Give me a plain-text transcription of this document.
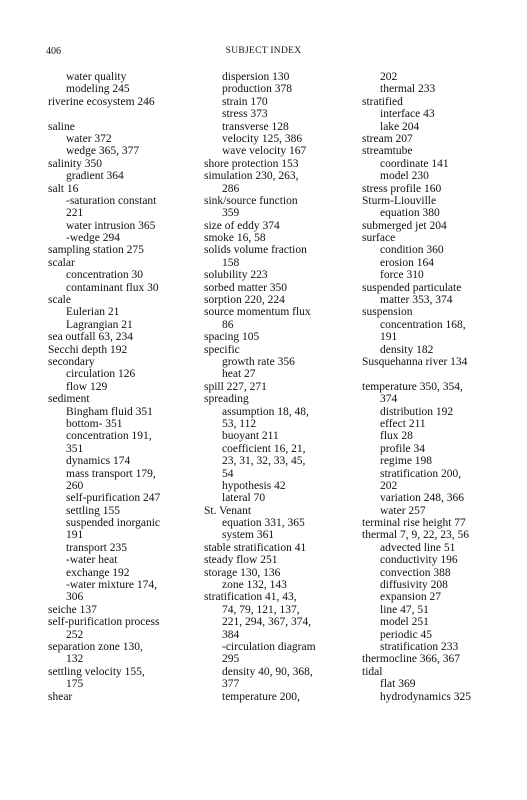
406	SUBJECT INDEX
water quality
modeling 245
riverine ecosystem 246
saline
water 372
wedge 365, 377
salinity 350
gradient 364
salt 16
-saturation constant
221
water intrusion 365
-wedge 294
sampling station 275
scalar
concentration 30
contaminant flux 30
scale
Eulerian 21
Lagrangian 21
sea outfall 63, 234
Secchi depth 192
secondary
circulation 126
flow 129
sediment
Bingham fluid 351
bottom- 351
concentration 191,
351
dynamics 174
mass transport 179,
260
self-purification 247
settling 155
suspended inorganic
191
transport 235
-water heat
exchange 192
-water mixture 174,
306
seiche 137
self-purification process
252
separation zone 130,
132
settling velocity 155,
175
shear
dispersion 130
production 378
strain 170
stress 373
transverse 128
velocity 125, 386
wave velocity 167
shore protection 153
simulation 230, 263,
286
sink/source function
359
size of eddy 374
smoke 16, 58
solids volume fraction
158
solubility 223
sorbed matter 350
sorption 220, 224
source momentum flux
86
spacing 105
specific
growth rate 356
heat 27
spill 227, 271
spreading
assumption 18, 48,
53, 112
buoyant 211
coefficient 16, 21,
23, 31, 32, 33, 45,
54
hypothesis 42
lateral 70
St. Venant
equation 331, 365
system 361
stable stratification 41
steady flow 251
storage 130, 136
zone 132, 143
stratification 41, 43,
74, 79, 121, 137,
221, 294, 367, 374,
384
-circulation diagram
295
density 40, 90, 368,
377
temperature 200,
202
thermal 233
stratified
interface 43
lake 204
stream 207
streamtube
coordinate 141
model 230
stress profile 160
Sturm-Liouville
equation 380
submerged jet 204
surface
condition 360
erosion 164
force 310
suspended particulate
matter 353, 374
suspension
concentration 168,
191
density 182
Susquehanna river 134
temperature 350, 354,
374
distribution 192
effect 211
flux 28
profile 34
regime 198
stratification 200,
202
variation 248, 366
water 257
terminal rise height 77
thermal 7, 9, 22, 23, 56
advected line 51
conductivity 196
convection 388
diffusivity 208
expansion 27
line 47, 51
model 251
periodic 45
stratification 233
thermocline 366, 367
tidal
flat 369
hydrodynamics 325
